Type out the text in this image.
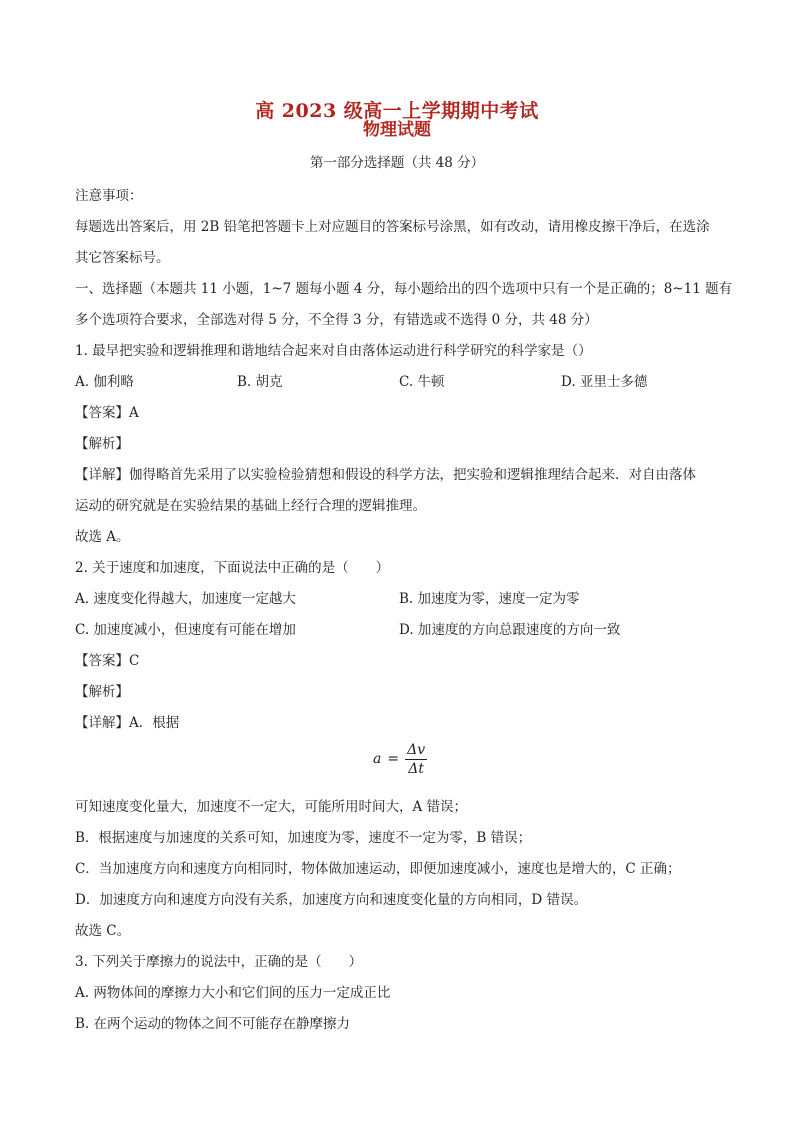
高 2023 级高一上学期期中考试
物理试题
第一部分选择题（共 48 分）
注意事项：
每题选出答案后，用 2B 铅笔把答题卡上对应题目的答案标号涂黑，如有改动，请用橡皮擦干净后，在选涂
其它答案标号。
一、选择题（本题共 11 小题，1~7 题每小题 4 分，每小题给出的四个选项中只有一个是正确的；8~11 题有
多个选项符合要求，全部选对得 5 分，不全得 3 分，有错选或不选得 0 分，共 48 分）
1. 最早把实验和逻辑推理和谐地结合起来对自由落体运动进行科学研究的科学家是（）
A. 伽利略	B. 胡克	C. 牛顿	D. 亚里士多德
【答案】A
【解析】
【详解】伽得略首先采用了以实验检验猜想和假设的科学方法，把实验和逻辑推理结合起来．对自由落体
运动的研究就是在实验结果的基础上经行合理的逻辑推理。
故选 A。
2. 关于速度和加速度，下面说法中正确的是（　　）
A. 速度变化得越大，加速度一定越大	B. 加速度为零，速度一定为零
C. 加速度减小，但速度有可能在增加	D. 加速度的方向总跟速度的方向一致
【答案】C
【解析】
【详解】A．根据
$a = \frac{\Delta v}{\Delta t}$
可知速度变化量大，加速度不一定大，可能所用时间大，A 错误；
B．根据速度与加速度的关系可知，加速度为零，速度不一定为零，B 错误；
C．当加速度方向和速度方向相同时，物体做加速运动，即便加速度减小，速度也是增大的，C 正确；
D．加速度方向和速度方向没有关系，加速度方向和速度变化量的方向相同，D 错误。
故选 C。
3. 下列关于摩擦力的说法中，正确的是（　　）
A. 两物体间的摩擦力大小和它们间的压力一定成正比
B. 在两个运动的物体之间不可能存在静摩擦力
